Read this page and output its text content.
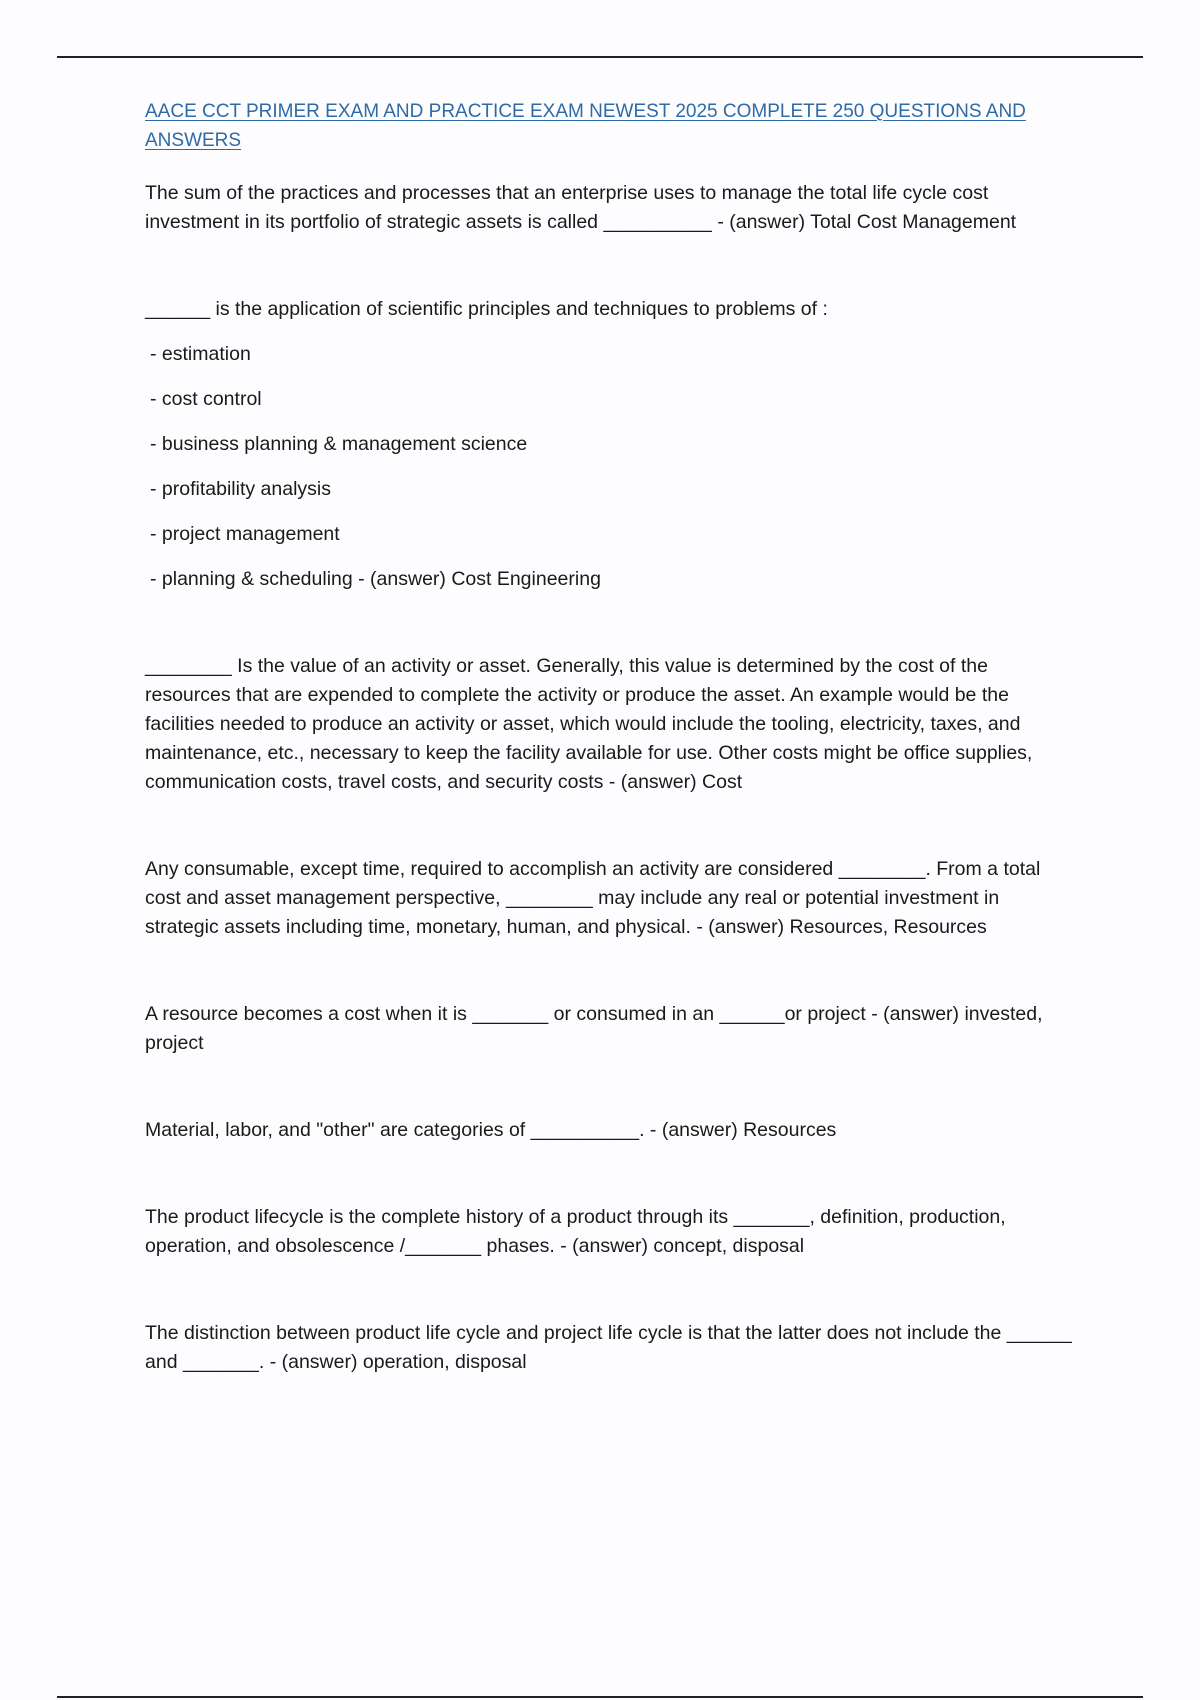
AACE CCT PRIMER EXAM AND PRACTICE EXAM NEWEST 2025 COMPLETE 250 QUESTIONS AND ANSWERS

The sum of the practices and processes that an enterprise uses to manage the total life cycle cost investment in its portfolio of strategic assets is called __________ - (answer) Total Cost Management

______ is the application of scientific principles and techniques to problems of :

- estimation

- cost control

- business planning & management science

- profitability analysis

- project management

- planning & scheduling - (answer) Cost Engineering

________ Is the value of an activity or asset. Generally, this value is determined by the cost of the resources that are expended to complete the activity or produce the asset. An example would be the facilities needed to produce an activity or asset, which would include the tooling, electricity, taxes, and maintenance, etc., necessary to keep the facility available for use. Other costs might be office supplies, communication costs, travel costs, and security costs - (answer) Cost

Any consumable, except time, required to accomplish an activity are considered ________. From a total cost and asset management perspective, ________ may include any real or potential investment in strategic assets including time, monetary, human, and physical. - (answer) Resources, Resources

A resource becomes a cost when it is _______ or consumed in an ______or project - (answer) invested, project

Material, labor, and "other" are categories of __________. - (answer) Resources

The product lifecycle is the complete history of a product through its _______, definition, production, operation, and obsolescence /_______ phases. - (answer) concept, disposal

The distinction between product life cycle and project life cycle is that the latter does not include the ______ and _______. - (answer) operation, disposal
